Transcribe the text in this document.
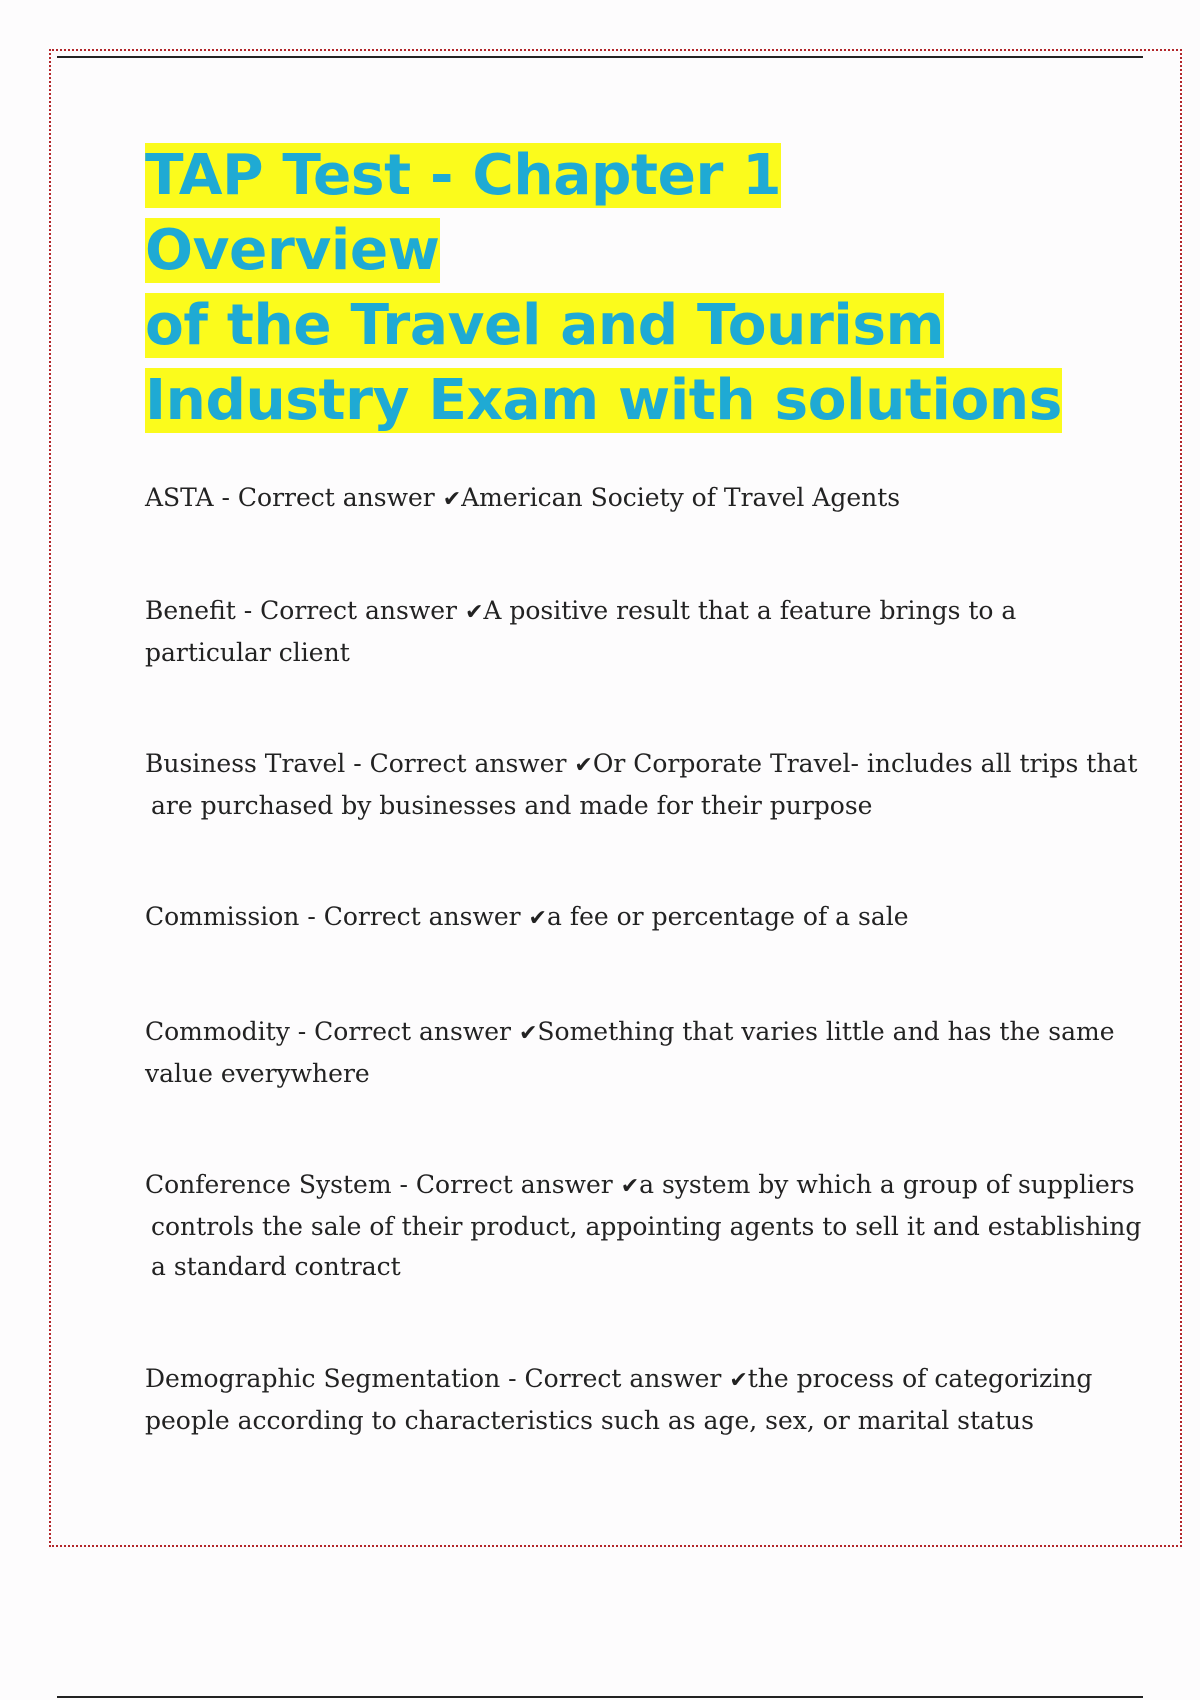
TAP Test - Chapter 1 Overview
of the Travel and Tourism
Industry Exam with solutions

ASTA - Correct answer ✔American Society of Travel Agents

Benefit - Correct answer ✔A positive result that a feature brings to a
particular client

Business Travel - Correct answer ✔Or Corporate Travel- includes all trips that
are purchased by businesses and made for their purpose

Commission - Correct answer ✔a fee or percentage of a sale

Commodity - Correct answer ✔Something that varies little and has the same
value everywhere

Conference System - Correct answer ✔a system by which a group of suppliers
controls the sale of their product, appointing agents to sell it and establishing
a standard contract

Demographic Segmentation - Correct answer ✔the process of categorizing
people according to characteristics such as age, sex, or marital status
